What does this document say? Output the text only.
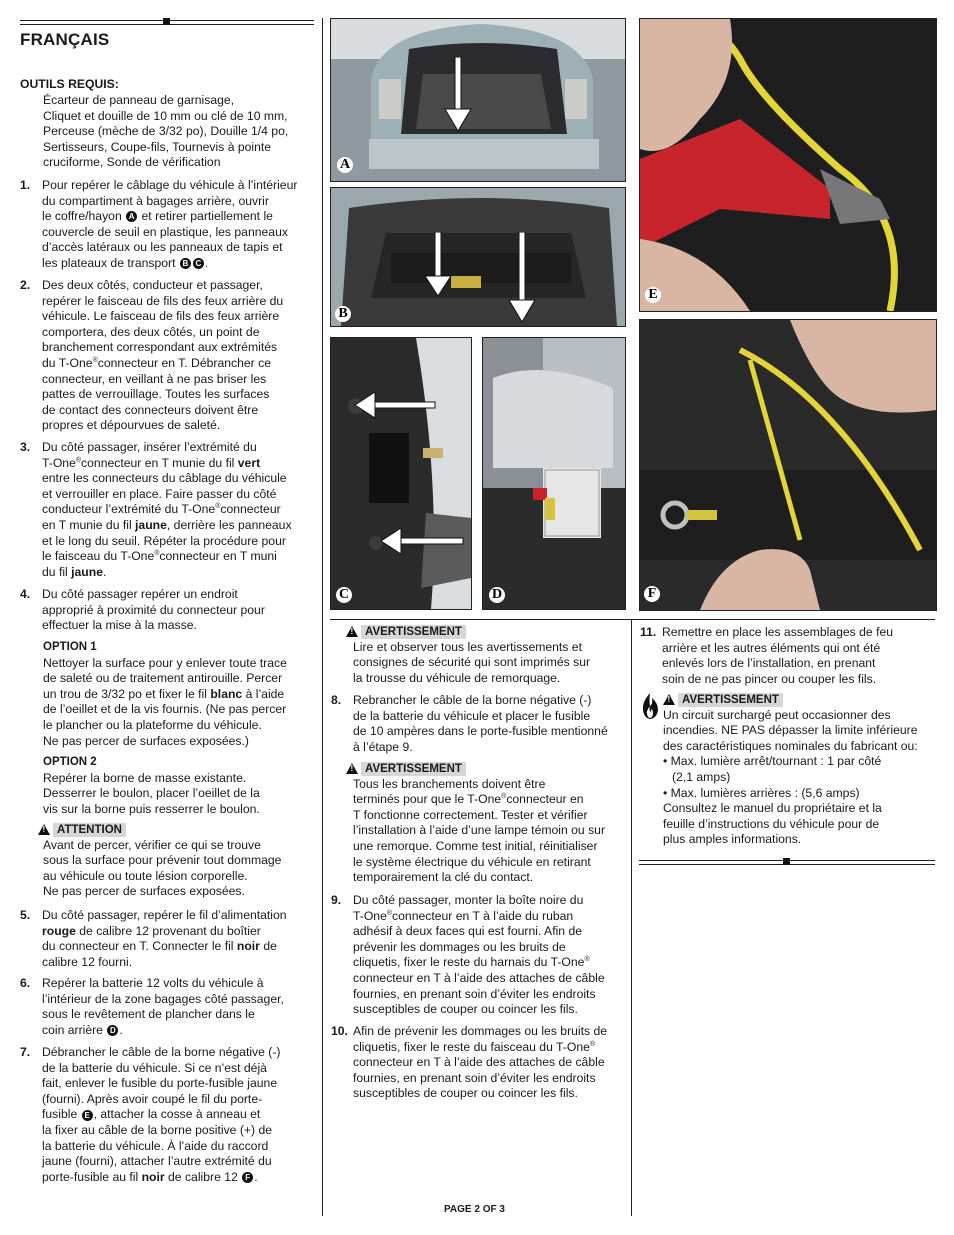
FRANÇAIS
OUTILS REQUIS:
Écarteur de panneau de garnisage,
Cliquet et douille de 10 mm ou clé de 10 mm,
Perceuse (mèche de 3/32 po), Douille 1/4 po,
Sertisseurs, Coupe-fils, Tournevis à pointe
cruciforme, Sonde de vérification
1. Pour repérer le câblage du véhicule à l’intérieur
du compartiment à bagages arrière, ouvrir
le coffre/hayon A et retirer partiellement le
couvercle de seuil en plastique, les panneaux
d’accès latéraux ou les panneaux de tapis et
les plateaux de transport B C .
2. Des deux côtés, conducteur et passager,
repérer le faisceau de fils des feux arrière du
véhicule. Le faisceau de fils des feux arrière
comportera, des deux côtés, un point de
branchement correspondant aux extrémités
du T-One®connecteur en T. Débrancher ce
connecteur, en veillant à ne pas briser les
pattes de verrouillage. Toutes les surfaces
de contact des connecteurs doivent être
propres et dépourvues de saleté.
3. Du côté passager, insérer l’extrémité du
T-One®connecteur en T munie du fil vert
entre les connecteurs du câblage du véhicule
et verrouiller en place. Faire passer du côté
conducteur l’extrémité du T-One®connecteur
en T munie du fil jaune, derrière les panneaux
et le long du seuil. Répéter la procédure pour
le faisceau du T-One®connecteur en T muni
du fil jaune.
4. Du côté passager repérer un endroit
approprié à proximité du connecteur pour
effectuer la mise à la masse.
OPTION 1
Nettoyer la surface pour y enlever toute trace
de saleté ou de traitement antirouille. Percer
un trou de 3/32 po et fixer le fil blanc à l’aide
de l’oeillet et de la vis fournis. (Ne pas percer
le plancher ou la plateforme du véhicule.
Ne pas percer de surfaces exposées.)
OPTION 2
Repérer la borne de masse existante.
Desserrer le boulon, placer l’oeillet de la
vis sur la borne puis resserrer le boulon.
!ATTENTION
Avant de percer, vérifier ce qui se trouve
sous la surface pour prévenir tout dommage
au véhicule ou toute lésion corporelle.
Ne pas percer de surfaces exposées.
5. Du côté passager, repérer le fil d’alimentation
rouge de calibre 12 provenant du boîtier
du connecteur en T. Connecter le fil noir de
calibre 12 fourni.
6. Repérer la batterie 12 volts du véhicule à
l’intérieur de la zone bagages côté passager,
sous le revêtement de plancher dans le
coin arrière D .
7. Débrancher le câble de la borne négative (-)
de la batterie du véhicule. Si ce n’est déjà
fait, enlever le fusible du porte-fusible jaune
(fourni). Après avoir coupé le fil du porte-
fusible E , attacher la cosse à anneau et
la fixer au câble de la borne positive (+) de
la batterie du véhicule. À l’aide du raccord
jaune (fourni), attacher l’autre extrémité du
porte-fusible au fil noir de calibre 12 F .
A
B
C	D
E
F
!AVERTISSEMENT
Lire et observer tous les avertissements et
consignes de sécurité qui sont imprimés sur
la trousse du véhicule de remorquage.
8. Rebrancher le câble de la borne négative (-)
de la batterie du véhicule et placer le fusible
de 10 ampères dans le porte-fusible mentionné
à l’étape 9.
!AVERTISSEMENT
Tous les branchements doivent être
terminés pour que le T-One®connecteur en
T fonctionne correctement. Tester et vérifier
l’installation à l’aide d’une lampe témoin ou sur
une remorque. Comme test initial, réinitialiser
le système électrique du véhicule en retirant
temporairement la clé du contact.
9. Du côté passager, monter la boîte noire du
T-One®connecteur en T à l’aide du ruban
adhésif à deux faces qui est fourni. Afin de
prévenir les dommages ou les bruits de
cliquetis, fixer le reste du harnais du T-One®
connecteur en T à l’aide des attaches de câble
fournies, en prenant soin d’éviter les endroits
susceptibles de couper ou coincer les fils.
10. Afin de prévenir les dommages ou les bruits de
cliquetis, fixer le reste du faisceau du T-One®
connecteur en T à l’aide des attaches de câble
fournies, en prenant soin d’éviter les endroits
susceptibles de couper ou coincer les fils.
11. Remettre en place les assemblages de feu
arrière et les autres éléments qui ont été
enlevés lors de l’installation, en prenant
soin de ne pas pincer ou couper les fils.
!AVERTISSEMENT
Un circuit surchargé peut occasionner des
incendies. NE PAS dépasser la limite inférieure
des caractéristiques nominales du fabricant ou:
• Max. lumière arrêt/tournant : 1 par côté
(2,1 amps)
• Max. lumières arrières : (5,6 amps)
Consultez le manuel du propriétaire et la
feuille d’instructions du véhicule pour de
plus amples informations.
PAGE 2 OF 3
